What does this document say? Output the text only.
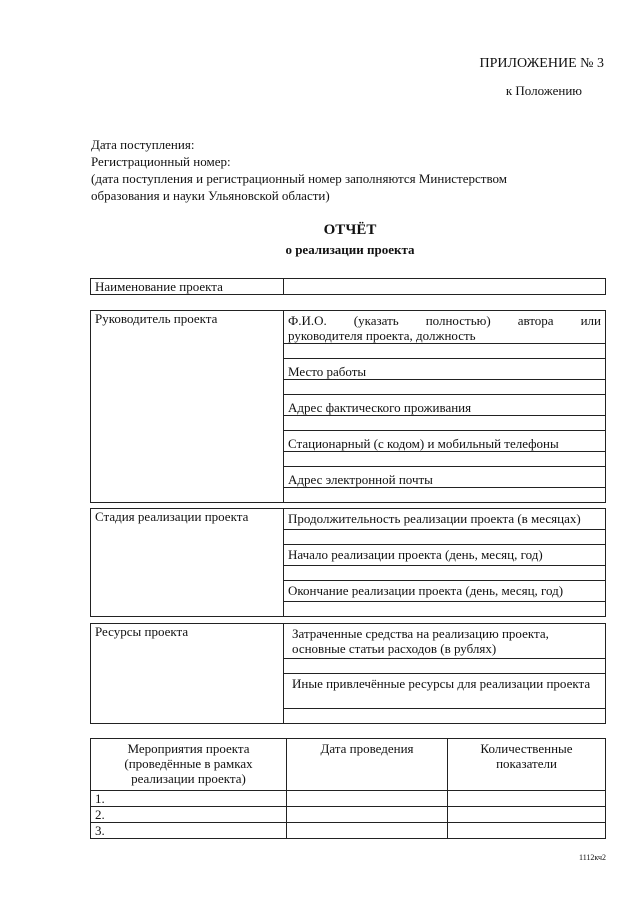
ПРИЛОЖЕНИЕ № 3
к Положению
Дата поступления:
Регистрационный номер:
(дата поступления и регистрационный номер заполняются Министерством образования и науки Ульяновской области)
ОТЧЁТ
о реализации проекта
Наименование проекта	
Руководитель проекта	Ф.И.О. (указать полностью) автора или
руководителя проекта, должность

Место работы

Адрес фактического проживания

Стационарный (с кодом) и мобильный телефоны

Адрес электронной почты

Стадия реализации проекта	Продолжительность реализации проекта (в месяцах)

Начало реализации проекта (день, месяц, год)

Окончание реализации проекта (день, месяц, год)

Ресурсы проекта	Затраченные средства на реализацию проекта, основные статьи расходов (в рублях)

Иные привлечённые ресурсы для реализации проекта

Мероприятия проекта (проведённые в рамках реализации проекта)	Дата проведения	Количественные показатели
1.		
2.		
3.		
1112кч2
